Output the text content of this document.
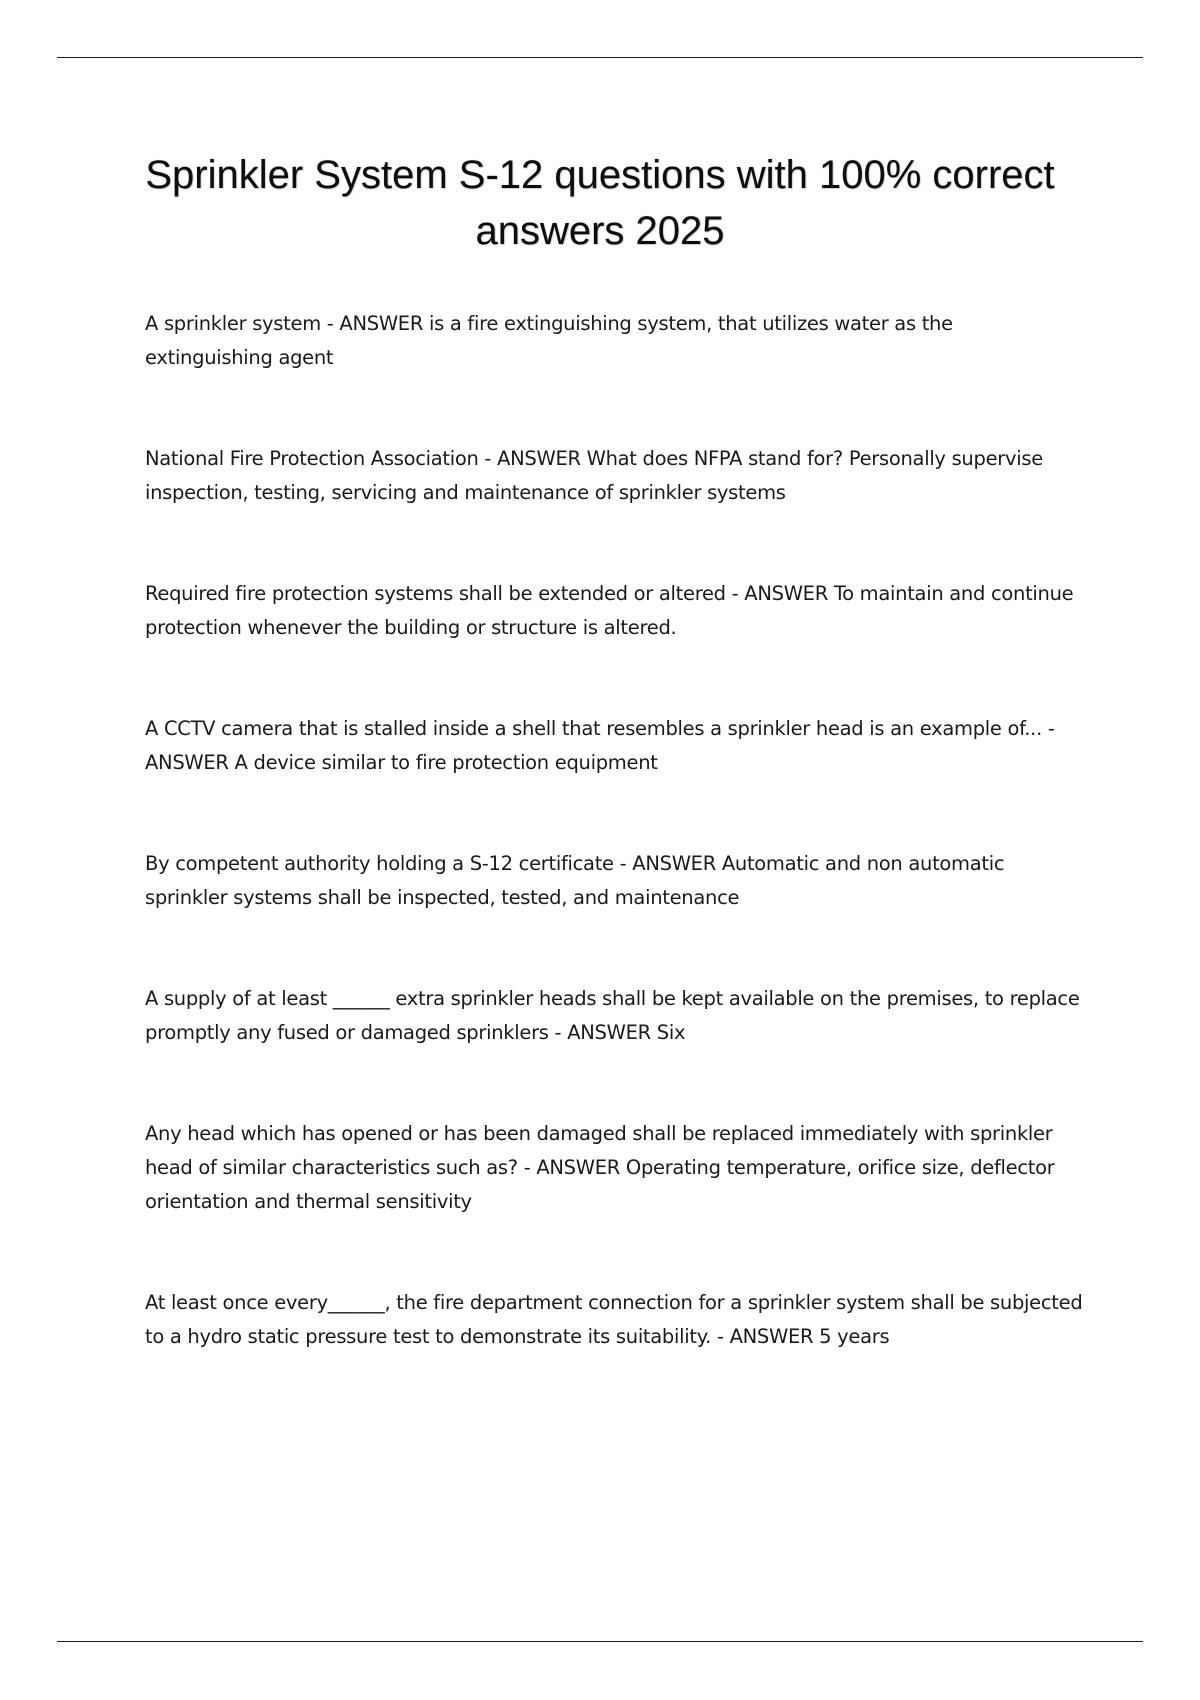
Sprinkler System S-12 questions with 100% correct answers 2025
A sprinkler system - ANSWER is a fire extinguishing system, that utilizes water as the extinguishing agent
National Fire Protection Association - ANSWER What does NFPA stand for? Personally supervise inspection, testing, servicing and maintenance of sprinkler systems
Required fire protection systems shall be extended or altered - ANSWER To maintain and continue protection whenever the building or structure is altered.
A CCTV camera that is stalled inside a shell that resembles a sprinkler head is an example of... - ANSWER A device similar to fire protection equipment
By competent authority holding a S-12 certificate - ANSWER Automatic and non automatic sprinkler systems shall be inspected, tested, and maintenance
A supply of at least ______ extra sprinkler heads shall be kept available on the premises, to replace promptly any fused or damaged sprinklers - ANSWER Six
Any head which has opened or has been damaged shall be replaced immediately with sprinkler head of similar characteristics such as? - ANSWER Operating temperature, orifice size, deflector orientation and thermal sensitivity
At least once every______, the fire department connection for a sprinkler system shall be subjected to a hydro static pressure test to demonstrate its suitability. - ANSWER 5 years
